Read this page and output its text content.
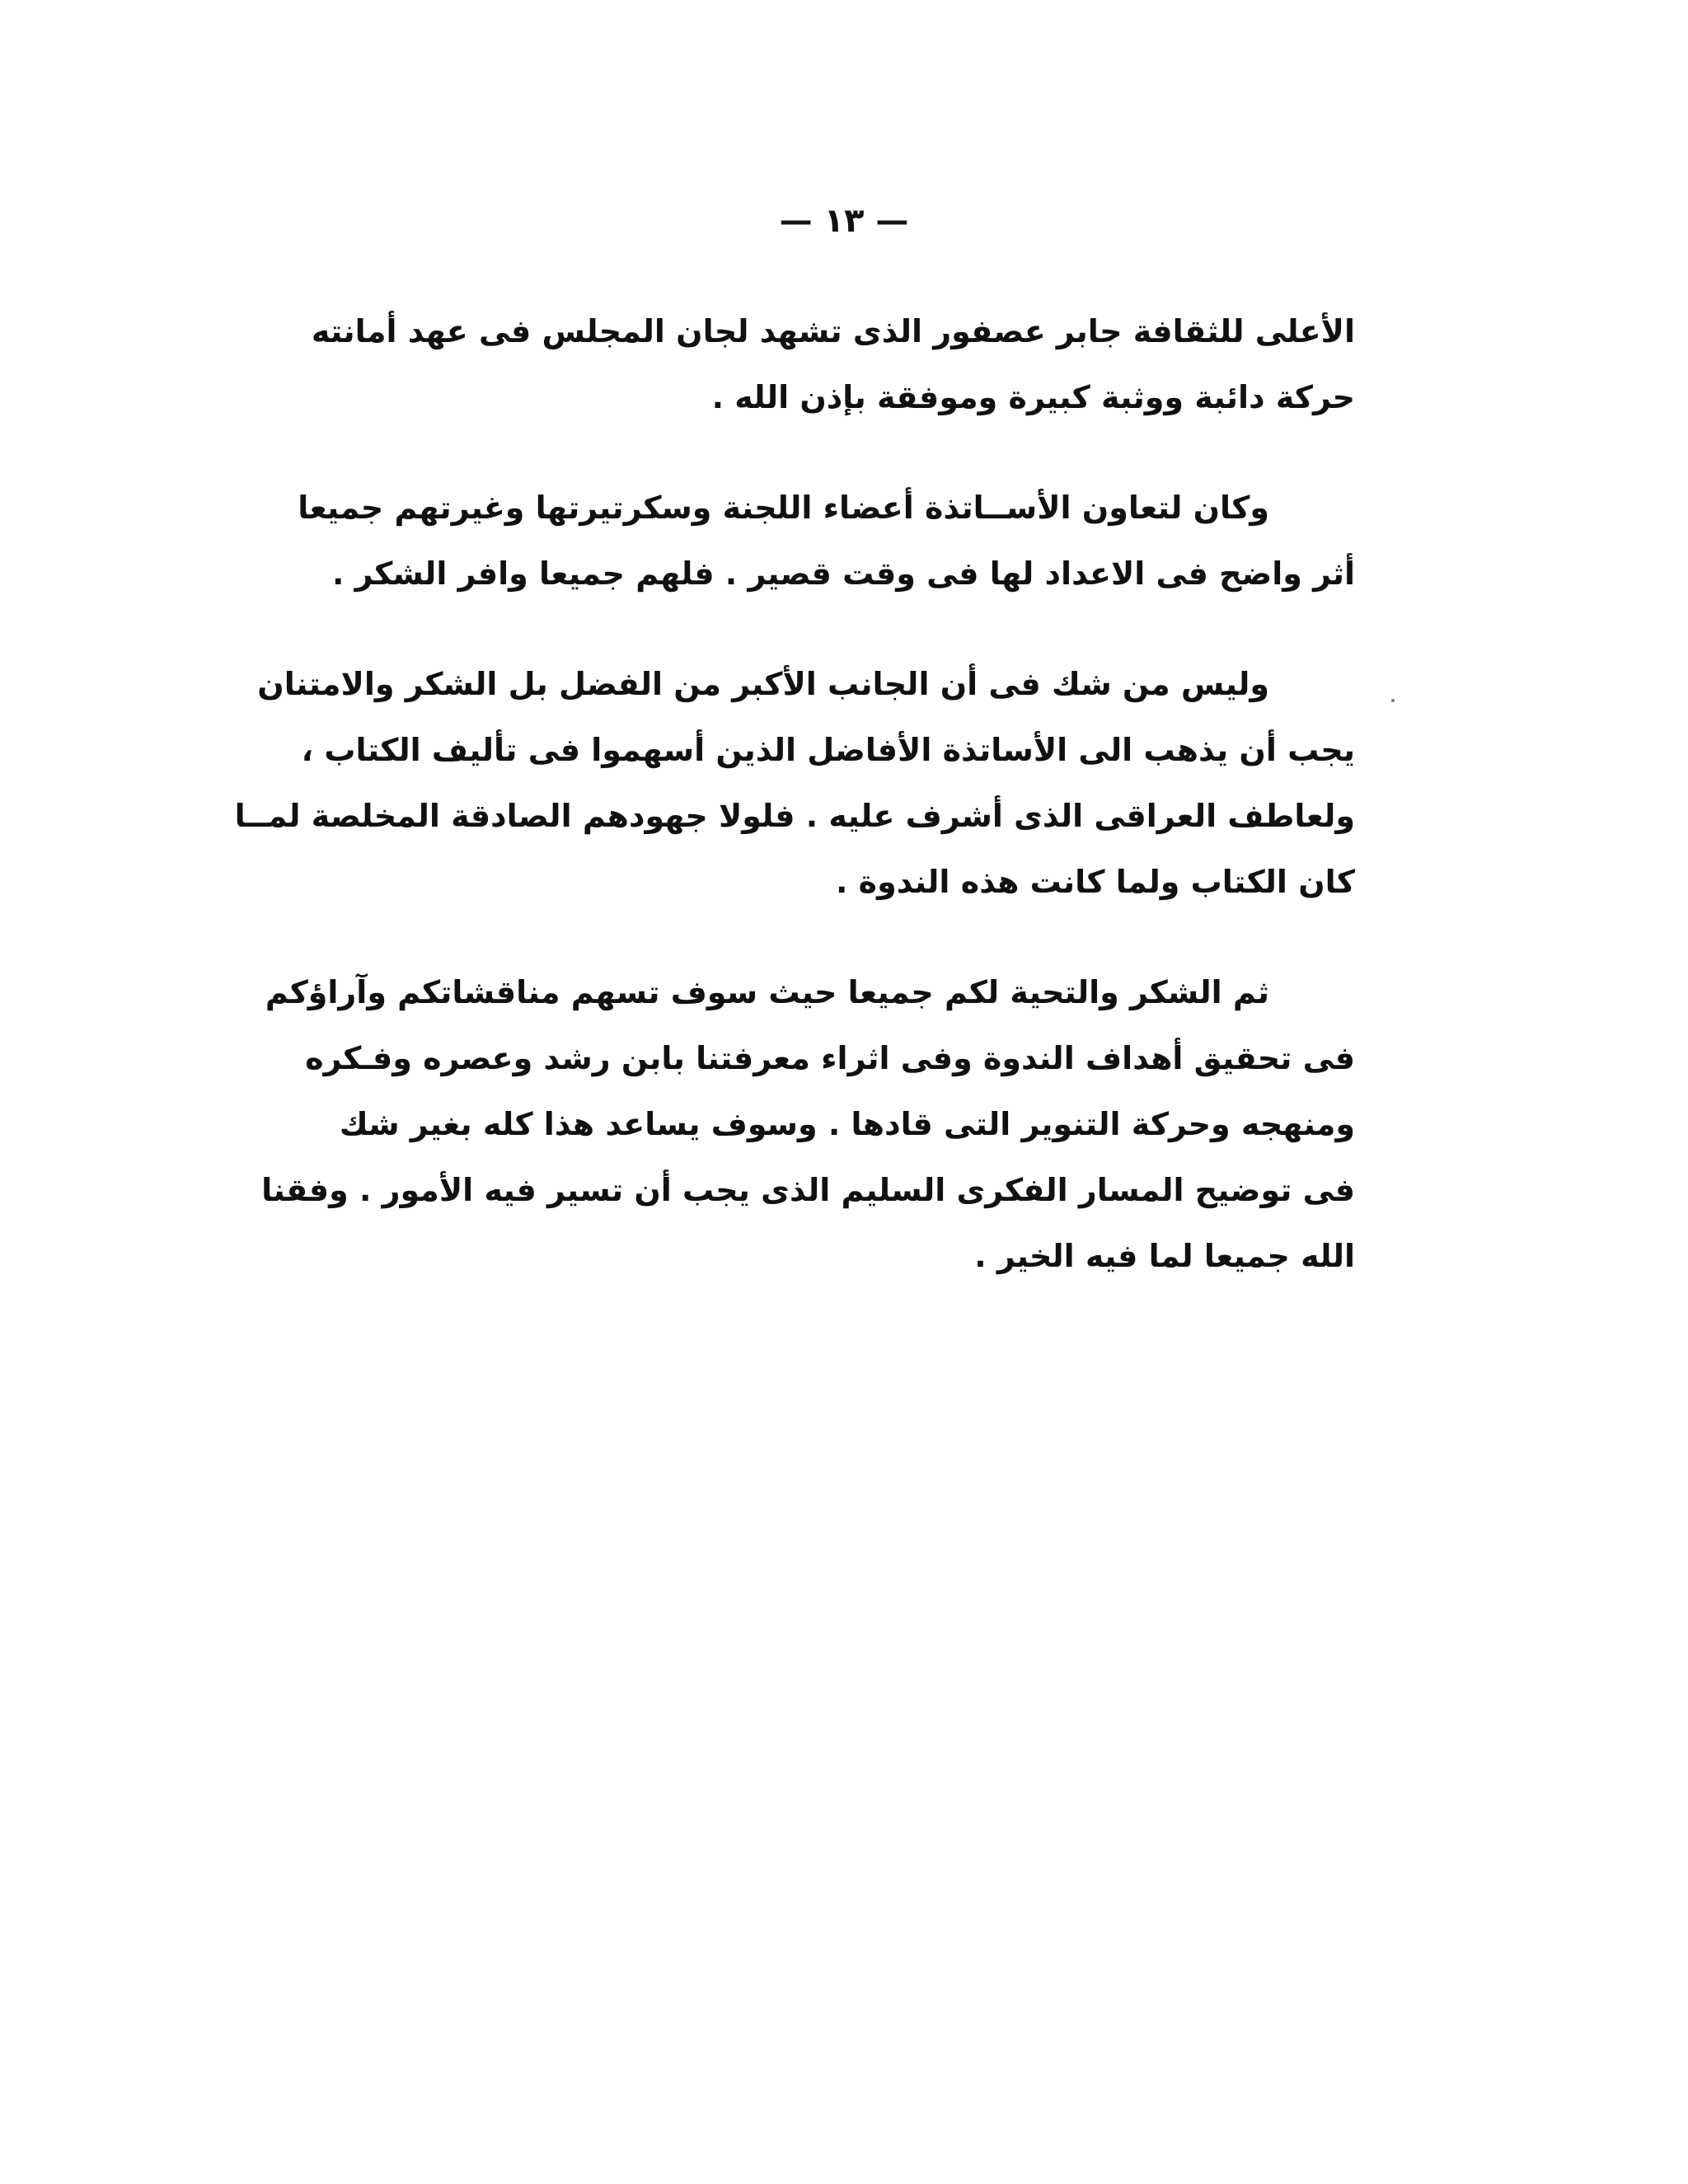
— ١٣ —

الأعلى للثقافة جابر عصفور الذى تشهد لجان المجلس فى عهد أمانته
حركة دائبة ووثبة كبيرة وموفقة بإذن الله .

وكان لتعاون الأســاتذة أعضاء اللجنة وسكرتيرتها وغيرتهم جميعا
أثر واضح فى الاعداد لها فى وقت قصير . فلهم جميعا وافر الشكر .

وليس من شك فى أن الجانب الأكبر من الفضل بل الشكر والامتنان
يجب أن يذهب الى الأساتذة الأفاضل الذين أسهموا فى تأليف الكتاب ،
ولعاطف العراقى الذى أشرف عليه . فلولا جهودهم الصادقة المخلصة لمــا
كان الكتاب ولما كانت هذه الندوة .

ثم الشكر والتحية لكم جميعا حيث سوف تسهم مناقشاتكم وآراؤكم
فى تحقيق أهداف الندوة وفى اثراء معرفتنا بابن رشد وعصره وفـكره
ومنهجه وحركة التنوير التى قادها . وسوف يساعد هذا كله بغير شك
فى توضيح المسار الفكرى السليم الذى يجب أن تسير فيه الأمور . وفقنا
الله جميعا لما فيه الخير .
